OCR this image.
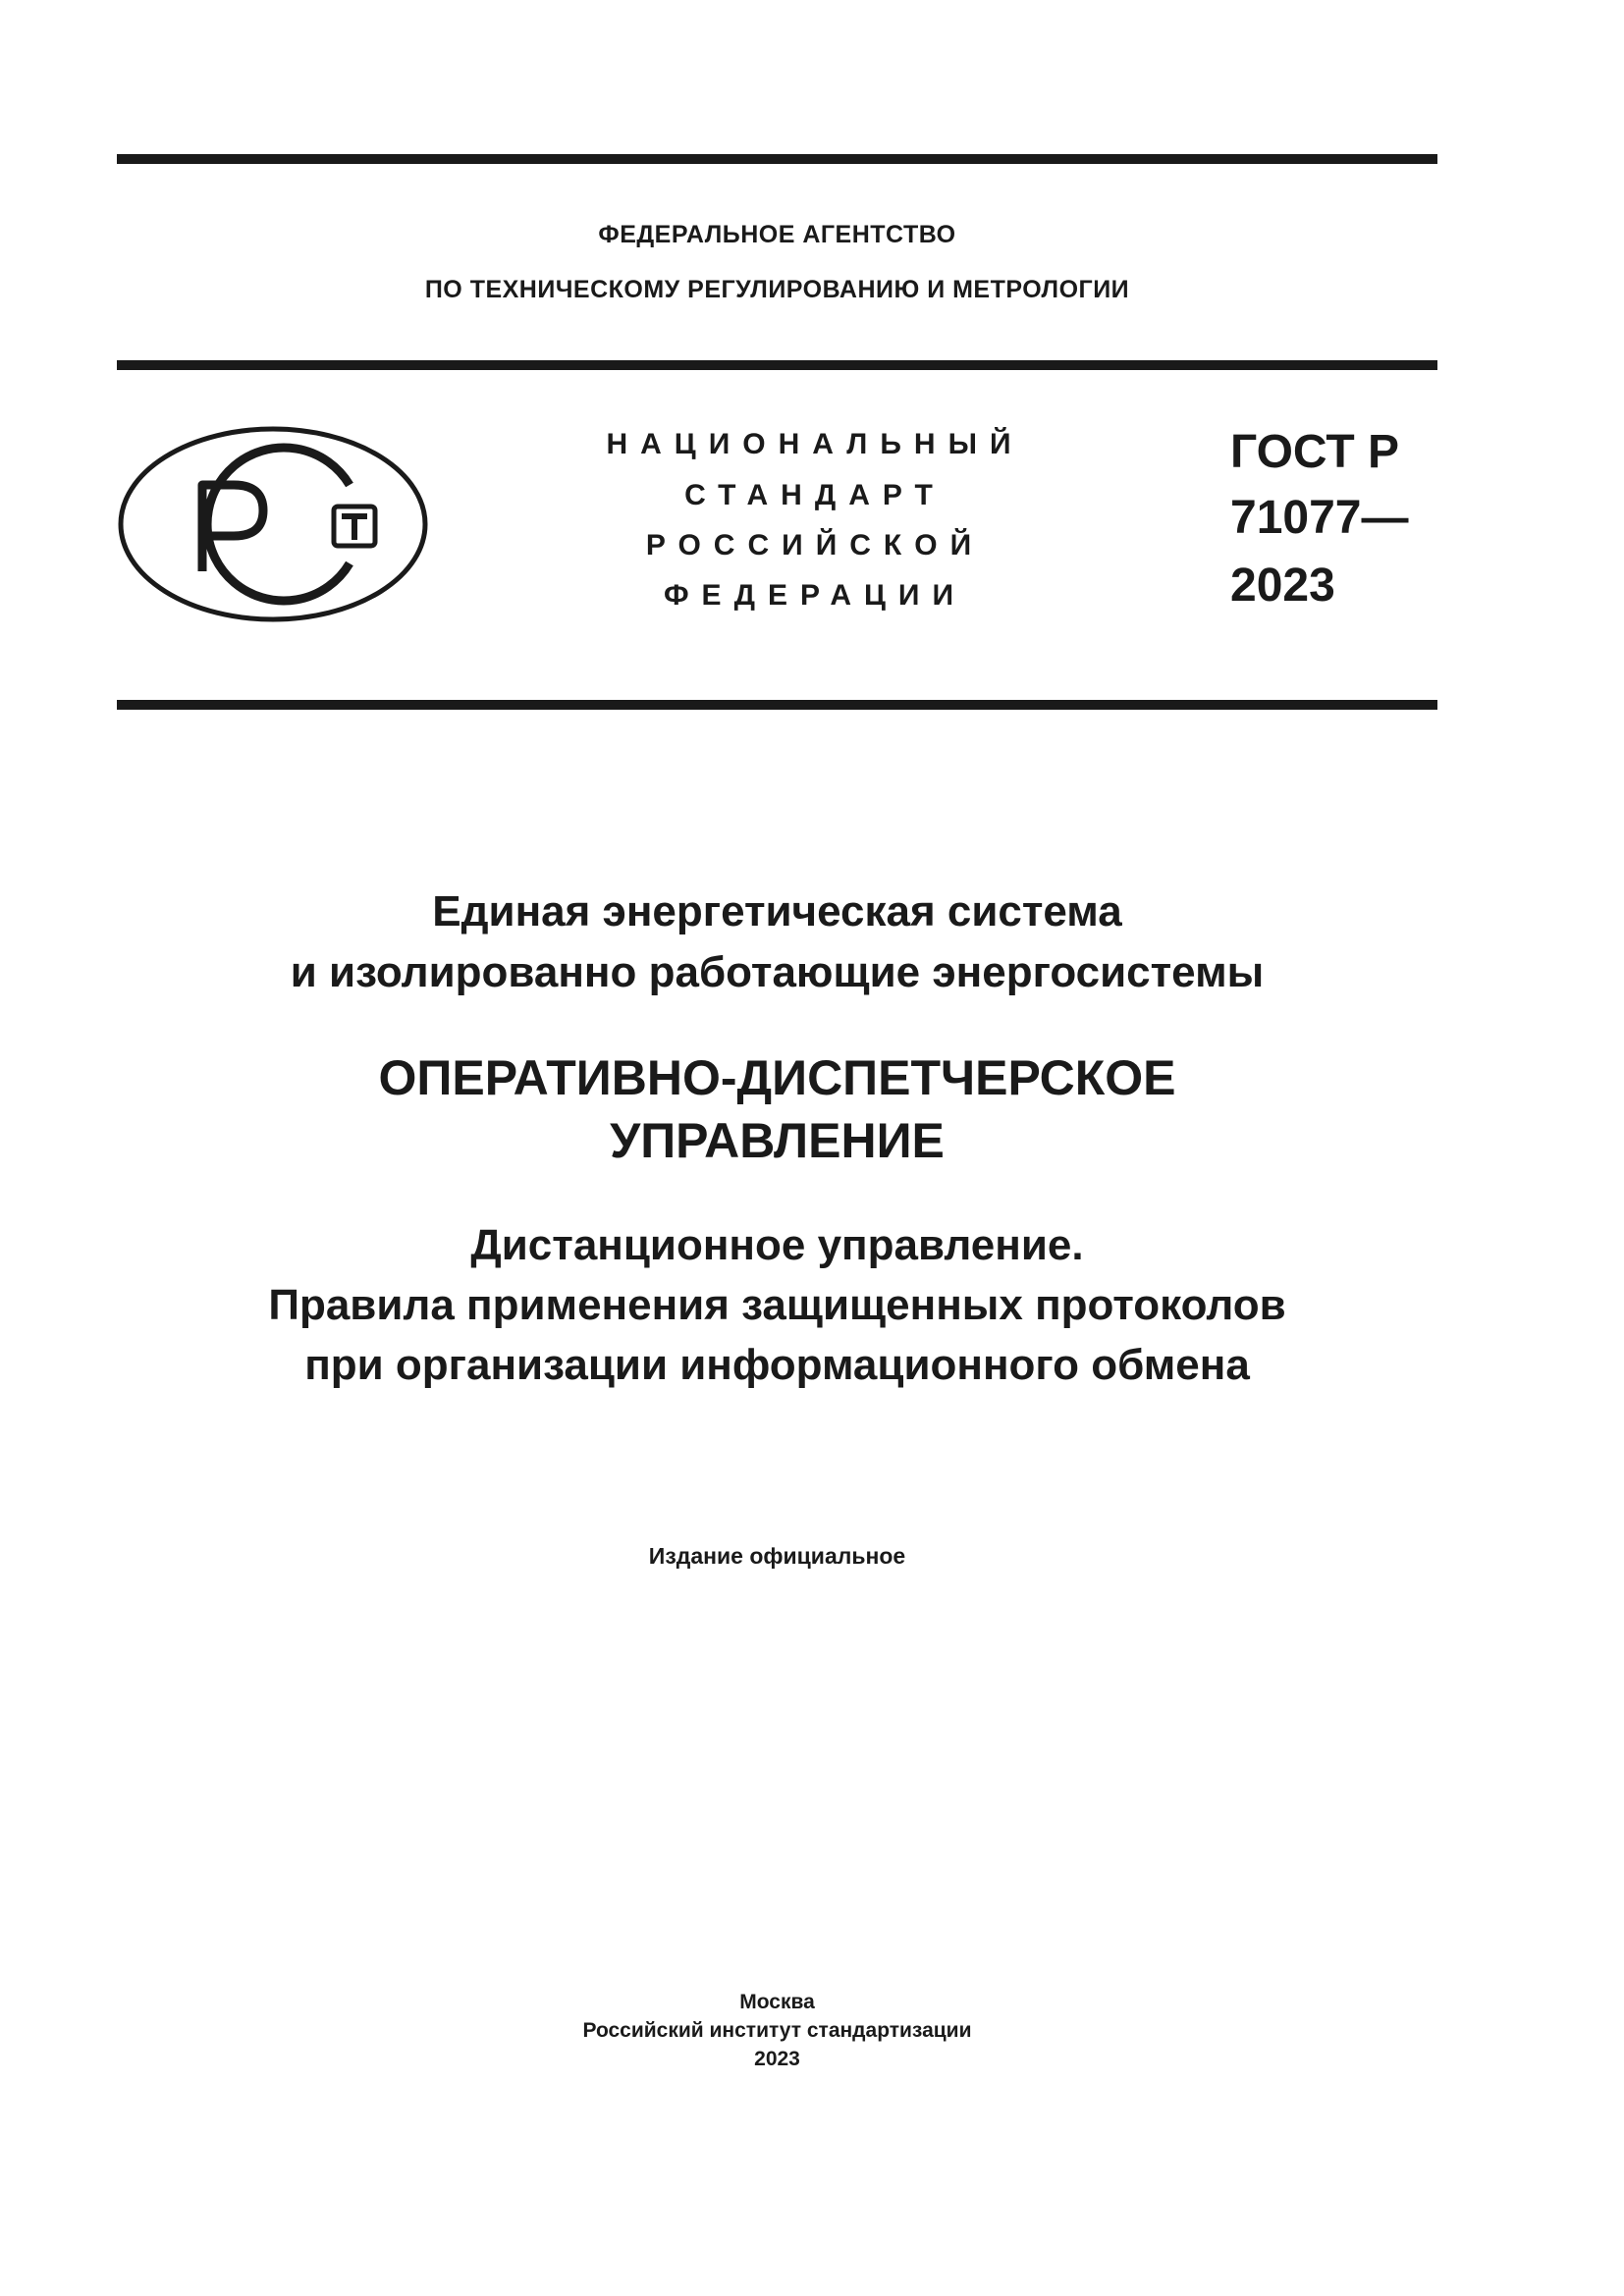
ФЕДЕРАЛЬНОЕ АГЕНТСТВО
ПО ТЕХНИЧЕСКОМУ РЕГУЛИРОВАНИЮ И МЕТРОЛОГИИ
НАЦИОНАЛЬНЫЙ
СТАНДАРТ
РОССИЙСКОЙ
ФЕДЕРАЦИИ
ГОСТ Р
71077—
2023
Единая энергетическая система
и изолированно работающие энергосистемы
ОПЕРАТИВНО-ДИСПЕТЧЕРСКОЕ
УПРАВЛЕНИЕ
Дистанционное управление.
Правила применения защищенных протоколов
при организации информационного обмена
Издание официальное
Москва
Российский институт стандартизации
2023
